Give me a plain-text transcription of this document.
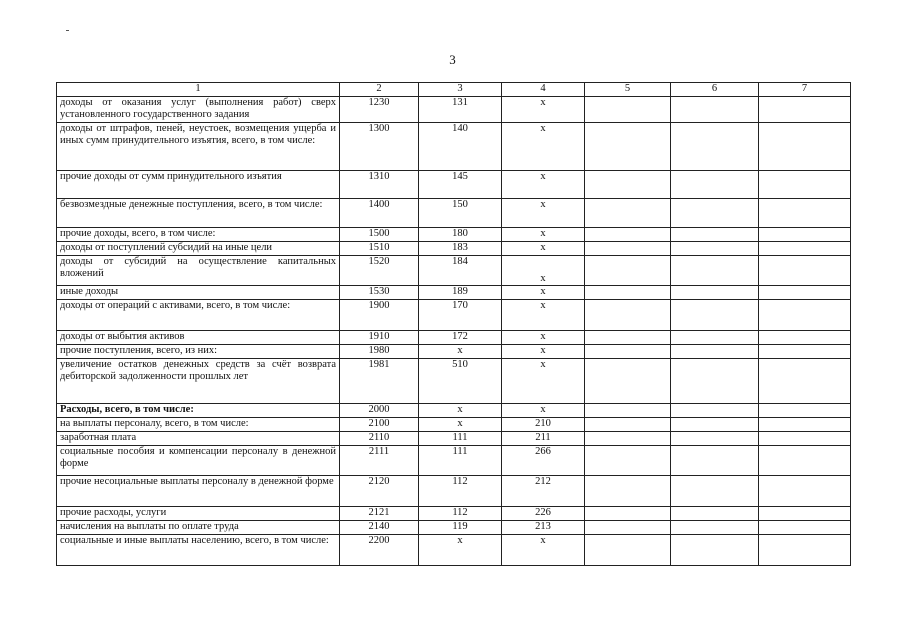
3
1	2	3	4	5	6	7
доходы от оказания услуг (выполнения работ) сверх установленного государственного задания	1230	131	х			
доходы от штрафов, пеней, неустоек, возмещения ущерба и иных сумм принудительного изъятия, всего, в том числе:	1300	140	х			
прочие доходы от сумм принудительного изъятия	1310	145	х			
безвозмездные денежные поступления, всего, в том числе:	1400	150	х			
прочие доходы, всего, в том числе:	1500	180	х			
доходы от поступлений субсидий на иные цели	1510	183	х			
доходы от субсидий на осуществление капитальных вложений	1520	184	х			
иные доходы	1530	189	х			
доходы от операций с активами, всего, в том числе:	1900	170	х			
доходы от выбытия активов	1910	172	х			
прочие поступления, всего, из них:	1980	х	х			
увеличение остатков денежных средств за счёт возврата дебиторской задолженности прошлых лет	1981	510	х			
Расходы, всего, в том числе:	2000	х	х			
на выплаты персоналу, всего, в том числе:	2100	х	210			
заработная плата	2110	111	211			
социальные пособия и компенсации персоналу в денежной форме	2111	111	266			
прочие несоциальные выплаты персоналу в денежной форме	2120	112	212			
прочие расходы, услуги	2121	112	226			
начисления на выплаты по оплате труда	2140	119	213			
социальные и иные выплаты населению, всего, в том числе:	2200	х	х			
